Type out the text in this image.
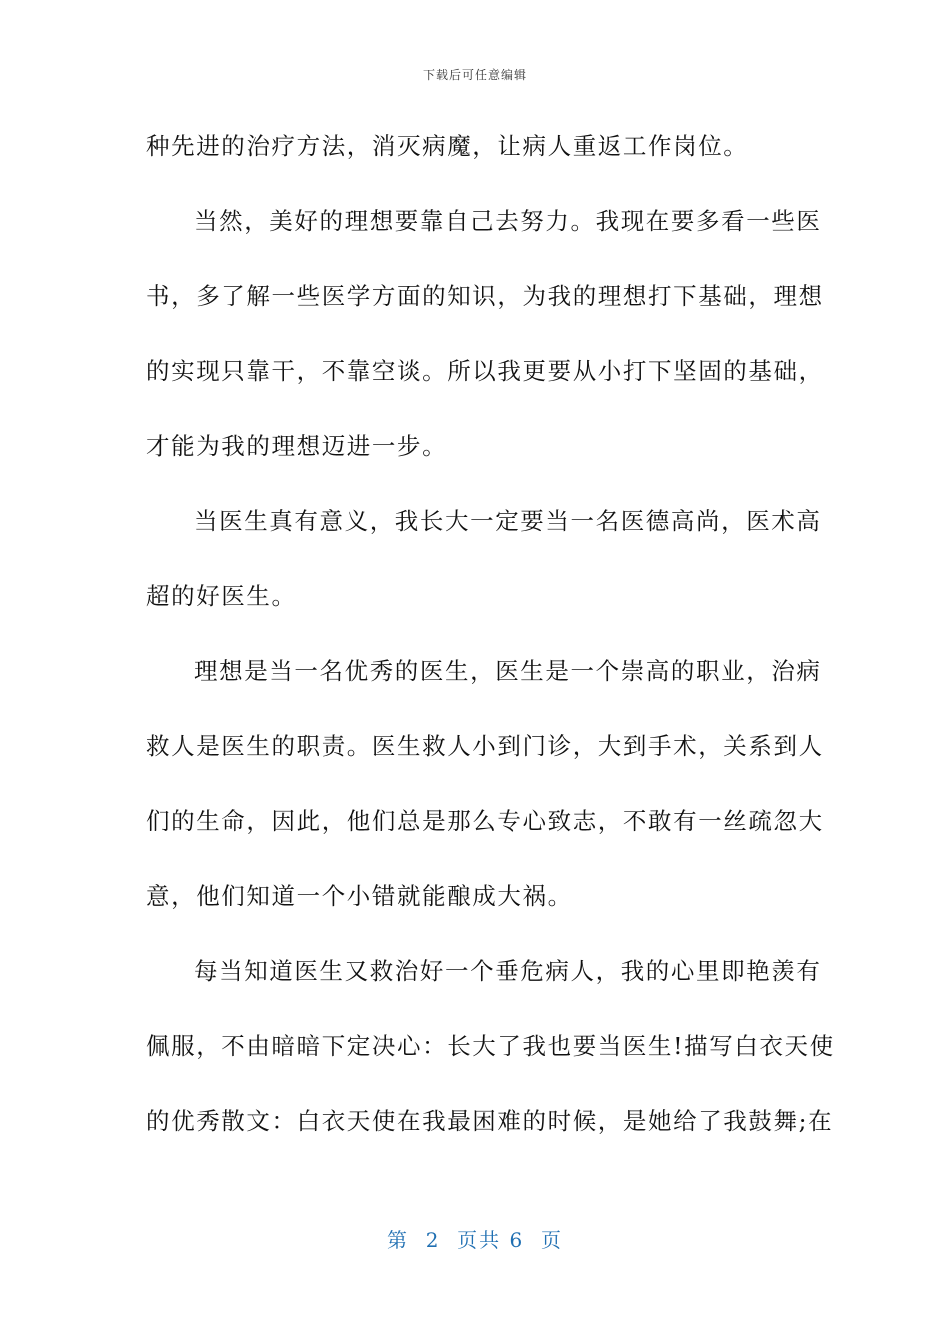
下载后可任意编辑
种先进的治疗方法，消灭病魔，让病人重返工作岗位。
当然，美好的理想要靠自己去努力。我现在要多看一些医
书，多了解一些医学方面的知识，为我的理想打下基础，理想
的实现只靠干，不靠空谈。所以我更要从小打下坚固的基础，
才能为我的理想迈进一步。
当医生真有意义，我长大一定要当一名医德高尚，医术高
超的好医生。
理想是当一名优秀的医生，医生是一个崇高的职业，治病
救人是医生的职责。医生救人小到门诊，大到手术，关系到人
们的生命，因此，他们总是那么专心致志，不敢有一丝疏忽大
意，他们知道一个小错就能酿成大祸。
每当知道医生又救治好一个垂危病人，我的心里即艳羡有
佩服，不由暗暗下定决心：长大了我也要当医生!描写白衣天使
的优秀散文：白衣天使在我最困难的时候，是她给了我鼓舞;在
第  2  页共 6  页
